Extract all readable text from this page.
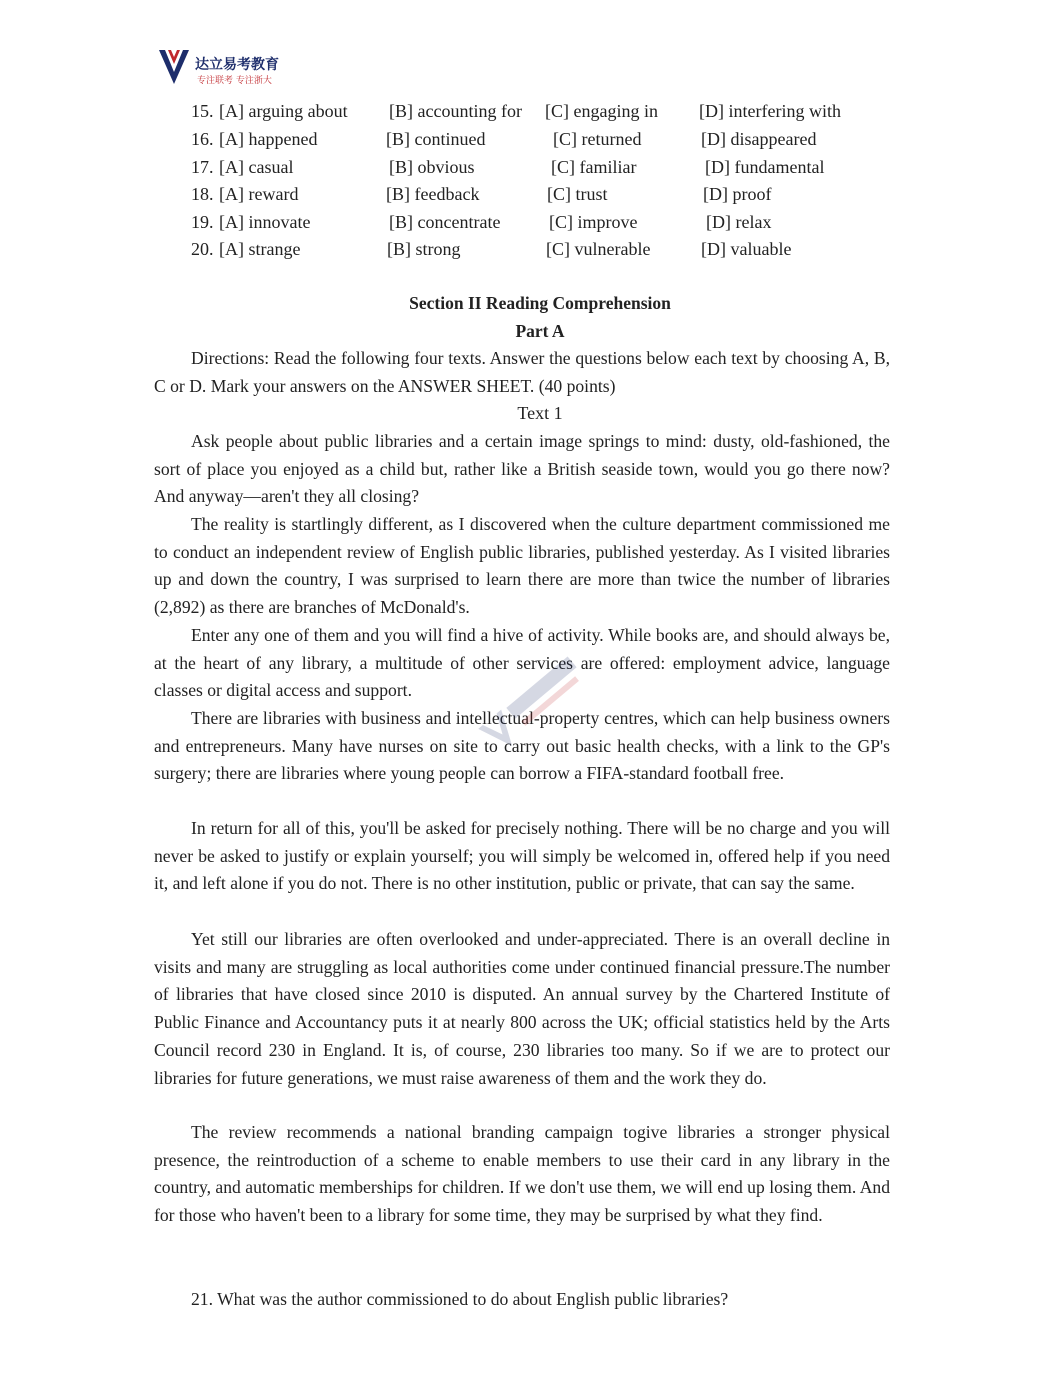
达立易考教育
专注联考 专注浙大
15. [A] arguing about [B] accounting for [C] engaging in [D] interfering with
16. [A] happened	[B] continued	[C] returned	[D] disappeared
17. [A] casual	[B] obvious	[C] familiar	[D] fundamental
18. [A] reward	[B] feedback	[C] trust	[D] proof
19. [A] innovate	[B] concentrate	[C] improve	[D] relax
20. [A] strange	[B] strong	[C] vulnerable	[D] valuable
Section II Reading Comprehension
Part A

Directions: Read the following four texts. Answer the questions below each text by choosing A, B, C or D. Mark your answers on the ANSWER SHEET. (40 points)

Text 1

Ask people about public libraries and a certain image springs to mind: dusty, old-fashioned, the sort of place you enjoyed as a child but, rather like a British seaside town, would you go there now? And anyway—aren't they all closing?

The reality is startlingly different, as I discovered when the culture department commissioned me to conduct an independent review of English public libraries, published yesterday. As I visited libraries up and down the country, I was surprised to learn there are more than twice the number of libraries (2,892) as there are branches of McDonald's.

Enter any one of them and you will find a hive of activity. While books are, and should always be, at the heart of any library, a multitude of other services are offered: employment advice, language classes or digital access and support.

There are libraries with business and intellectual-property centres, which can help business owners and entrepreneurs. Many have nurses on site to carry out basic health checks, with a link to the GP's surgery; there are libraries where young people can borrow a FIFA-standard football free.

In return for all of this, you'll be asked for precisely nothing. There will be no charge and you will never be asked to justify or explain yourself; you will simply be welcomed in, offered help if you need it, and left alone if you do not. There is no other institution, public or private, that can say the same.

Yet still our libraries are often overlooked and under-appreciated. There is an overall decline in visits and many are struggling as local authorities come under continued financial pressure.The number of libraries that have closed since 2010 is disputed. An annual survey by the Chartered Institute of Public Finance and Accountancy puts it at nearly 800 across the UK; official statistics held by the Arts Council record 230 in England. It is, of course, 230 libraries too many. So if we are to protect our libraries for future generations, we must raise awareness of them and the work they do.

The review recommends a national branding campaign togive libraries a stronger physical presence, the reintroduction of a scheme to enable members to use their card in any library in the country, and automatic memberships for children. If we don't use them, we will end up losing them. And for those who haven't been to a library for some time, they may be surprised by what they find.

21. What was the author commissioned to do about English public libraries?
